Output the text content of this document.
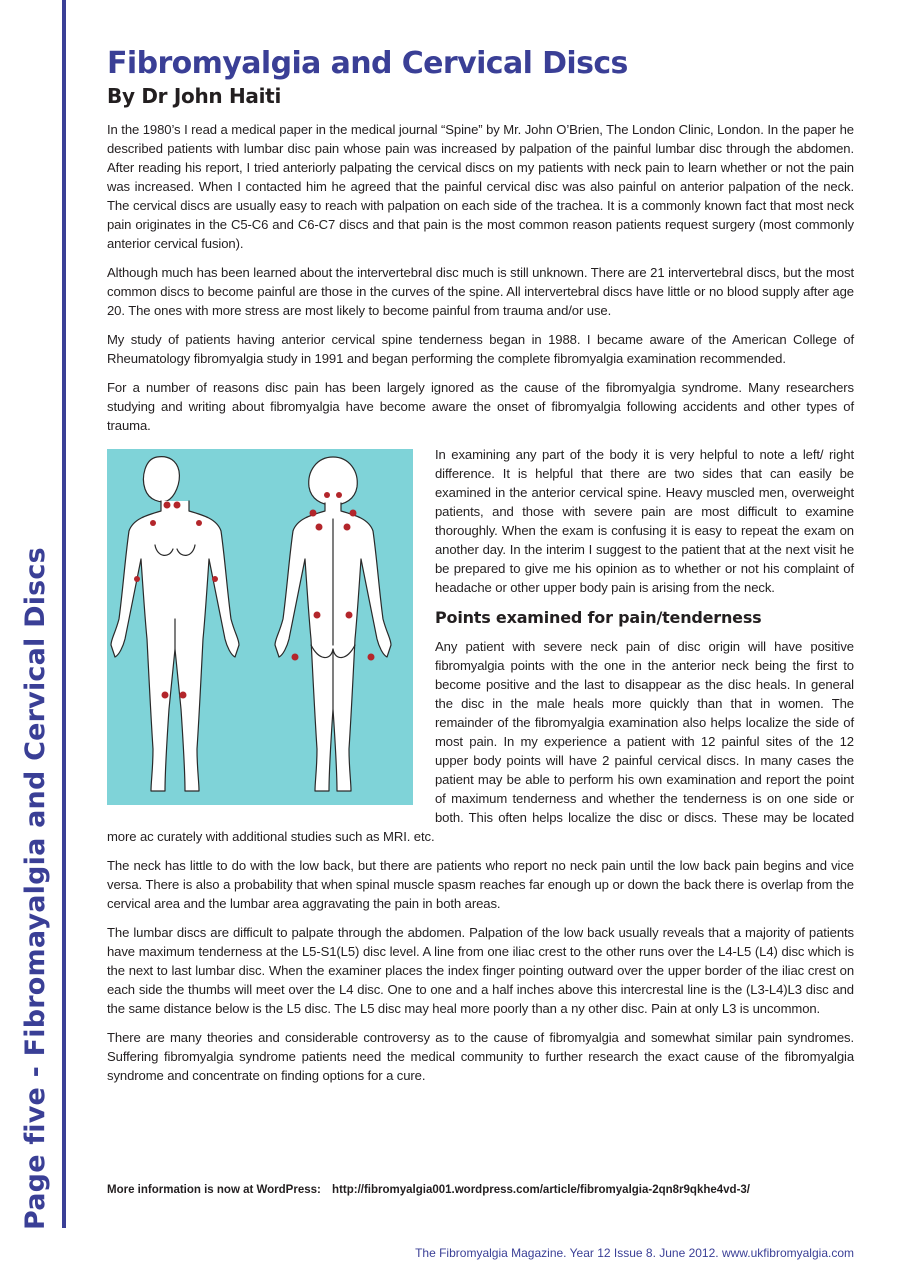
Page five - Fibromayalgia and Cervical Discs
Fibromyalgia and Cervical Discs
By Dr John Haiti

In the 1980’s I read a medical paper in the medical journal “Spine” by Mr. John O’Brien, The London Clinic, London. In the paper he described patients with lumbar disc pain whose pain was increased by palpation of the painful lumbar disc through the abdomen. After reading his report, I tried anteriorly palpating the cervical discs on my patients with neck pain to learn whether or not the pain was increased. When I contacted him he agreed that the painful cervical disc was also painful on anterior palpation of the neck. The cervical discs are usually easy to reach with palpation on each side of the trachea. It is a commonly known fact that most neck pain originates in the C5-C6 and C6-C7 discs and that pain is the most common reason patients request surgery (most commonly anterior cervical fusion).

Although much has been learned about the intervertebral disc much is still unknown. There are 21 intervertebral discs, but the most common discs to become painful are those in the curves of the spine. All intervertebral discs have little or no blood supply after age 20. The ones with more stress are most likely to become painful from trauma and/or use.

My study of patients having anterior cervical spine tenderness began in 1988. I became aware of the American College of Rheumatology fibromyalgia study in 1991 and began performing the complete fibromyalgia examination recommended.

For a number of reasons disc pain has been largely ignored as the cause of the fibromyalgia syndrome. Many researchers studying and writing about fibromyalgia have become aware the onset of fibromyalgia following accidents and other types of trauma.

In examining any part of the body it is very helpful to note a left/ right difference. It is helpful that there are two sides that can easily be examined in the anterior cervical spine. Heavy muscled men, overweight patients, and those with severe pain are most difficult to examine thoroughly. When the exam is confusing it is easy to repeat the exam on another day. In the interim I suggest to the patient that at the next visit he be prepared to give me his opinion as to whether or not his complaint of headache or other upper body pain is arising from the neck.

Points examined for pain/tenderness

Any patient with severe neck pain of disc origin will have positive fibromyalgia points with the one in the anterior neck being the first to become positive and the last to disappear as the disc heals. In general the disc in the male heals more quickly than that in women. The remainder of the fibromyalgia examination also helps localize the side of most pain. In my experience a patient with 12 painful sites of the 12 upper body points will have 2 painful cervical discs. In many cases the patient may be able to perform his own examination and report the point of maximum tenderness and whether the tenderness is on one side or both. This often helps localize the disc or discs. These may be located more ac curately with additional studies such as MRI. etc.

The neck has little to do with the low back, but there are patients who report no neck pain until the low back pain begins and vice versa. There is also a probability that when spinal muscle spasm reaches far enough up or down the back there is overlap from the cervical area and the lumbar area aggravating the pain in both areas.

The lumbar discs are difficult to palpate through the abdomen. Palpation of the low back usually reveals that a majority of patients have maximum tenderness at the L5-S1(L5) disc level. A line from one iliac crest to the other runs over the L4-L5 (L4) disc which is the next to last lumbar disc. When the examiner places the index finger pointing outward over the upper border of the iliac crest on each side the thumbs will meet over the L4 disc. One to one and a half inches above this intercrestal line is the (L3-L4)L3 disc and the same distance below is the L5 disc. The L5 disc may heal more poorly than a ny other disc. Pain at only L3 is uncommon.

There are many theories and considerable controversy as to the cause of fibromyalgia and somewhat similar pain syndromes. Suffering fibromyalgia syndrome patients need the medical community to further research the exact cause of the fibromyalgia syndrome and concentrate on finding options for a cure.

More information is now at WordPress: http://fibromyalgia001.wordpress.com/article/fibromyalgia-2qn8r9qkhe4vd-3/
The Fibromyalgia Magazine. Year 12 Issue 8. June 2012. www.ukfibromyalgia.com
